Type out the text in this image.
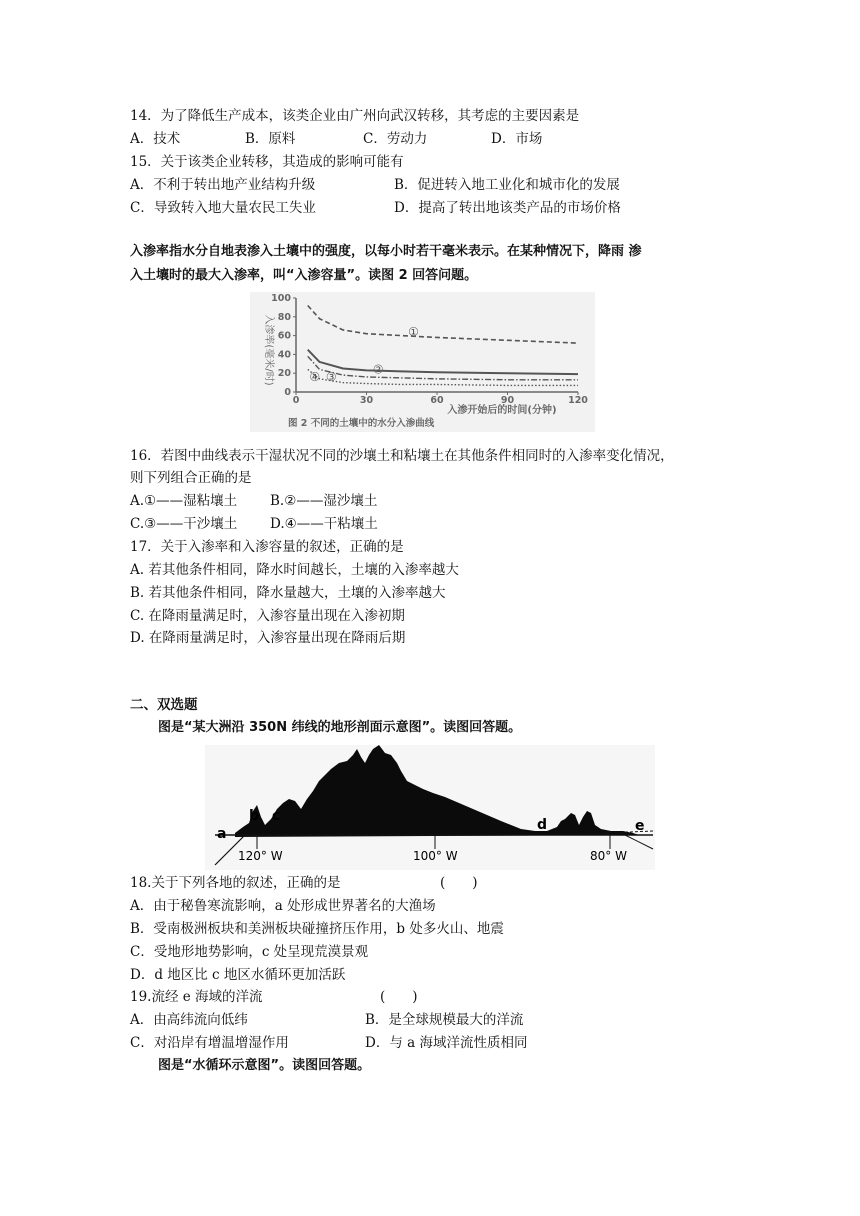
14．为了降低生产成本，该类企业由广州向武汉转移，其考虑的主要因素是
A．技术	B．原料	C．劳动力	D．市场
15．关于该类企业转移，其造成的影响可能有
A．不利于转出地产业结构升级	B．促进转入地工业化和城市化的发展
C．导致转入地大量农民工失业	D．提高了转出地该类产品的市场价格
入渗率指水分自地表渗入土壤中的强度，以每小时若干毫米表示。在某种情况下，降雨 渗
入土壤时的最大入渗率，叫“入渗容量”。读图 2 回答问题。
入渗率(毫米/时)
0
20
40
60
80
100
0	30	60	90	120
①
②
③
④
入渗开始后的时间(分钟)
图 2 不同的土壤中的水分入渗曲线
16．若图中曲线表示干湿状况不同的沙壤土和粘壤土在其他条件相同时的入渗率变化情况，
则下列组合正确的是
A.①——湿粘壤土 B.②——湿沙壤土
C.③——干沙壤土 D.④——干粘壤土
17．关于入渗率和入渗容量的叙述，正确的是
A. 若其他条件相同，降水时间越长，土壤的入渗率越大
B. 若其他条件相同，降水量越大，土壤的入渗率越大
C. 在降雨量满足时，入渗容量出现在入渗初期
D. 在降雨量满足时，入渗容量出现在降雨后期
二、双选题
图是“某大洲沿 350N 纬线的地形剖面示意图”。读图回答题。
a
b c
d	e
120° W	100° W	80° W
18.关于下列各地的叙述，正确的是	(　　)
A．由于秘鲁寒流影响，a 处形成世界著名的大渔场
B．受南极洲板块和美洲板块碰撞挤压作用，b 处多火山、地震
C．受地形地势影响，c 处呈现荒漠景观
D．d 地区比 c 地区水循环更加活跃
19.流经 e 海域的洋流	(　　)
A．由高纬流向低纬	B．是全球规模最大的洋流
C．对沿岸有增温增湿作用	D．与 a 海域洋流性质相同
图是“水循环示意图”。读图回答题。
